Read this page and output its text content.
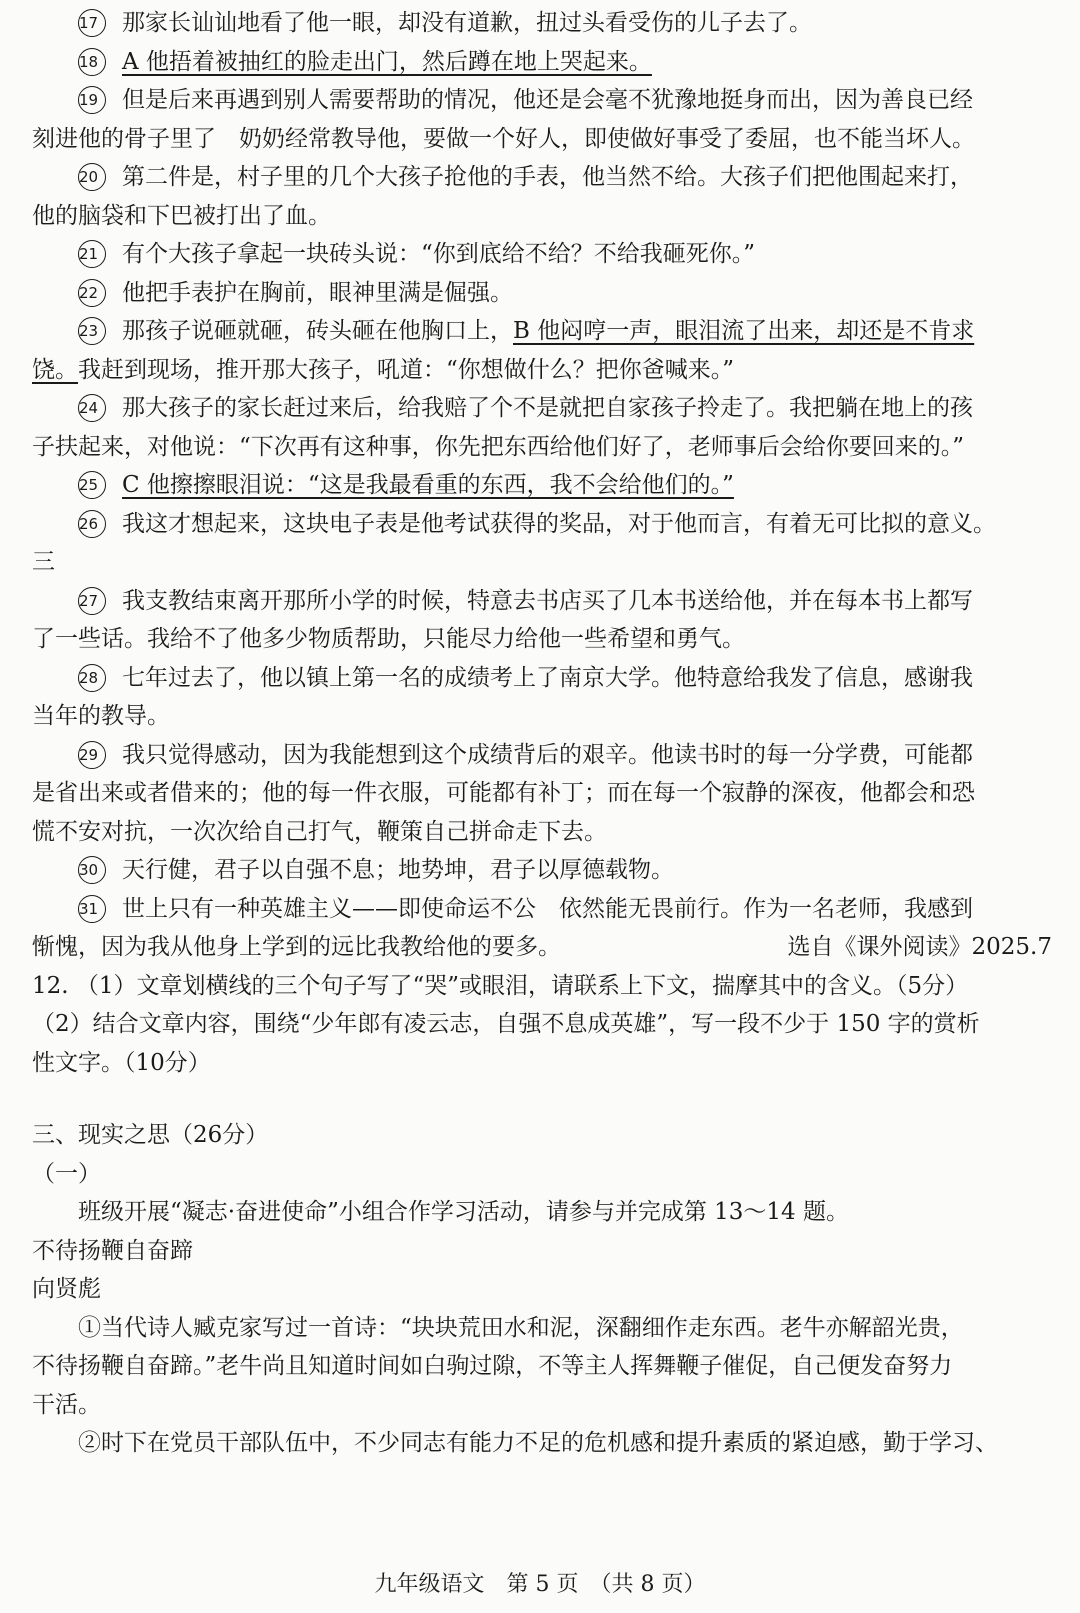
17 那家长讪讪地看了他一眼，却没有道歉，扭过头看受伤的儿子去了。

18 A 他捂着被抽红的脸走出门，然后蹲在地上哭起来。

19 但是后来再遇到别人需要帮助的情况，他还是会毫不犹豫地挺身而出，因为善良已经
刻进他的骨子里了　奶奶经常教导他，要做一个好人，即使做好事受了委屈，也不能当坏人。

20 第二件是，村子里的几个大孩子抢他的手表，他当然不给。大孩子们把他围起来打，
他的脑袋和下巴被打出了血。

21 有个大孩子拿起一块砖头说：“你到底给不给？不给我砸死你。”

22 他把手表护在胸前，眼神里满是倔强。

23 那孩子说砸就砸，砖头砸在他胸口上，B 他闷哼一声，眼泪流了出来，却还是不肯求
饶。我赶到现场，推开那大孩子，吼道：“你想做什么？把你爸喊来。”

24 那大孩子的家长赶过来后，给我赔了个不是就把自家孩子拎走了。我把躺在地上的孩
子扶起来，对他说：“下次再有这种事，你先把东西给他们好了，老师事后会给你要回来的。”

25 C 他擦擦眼泪说：“这是我最看重的东西，我不会给他们的。”

26 我这才想起来，这块电子表是他考试获得的奖品，对于他而言，有着无可比拟的意义。

三

27 我支教结束离开那所小学的时候，特意去书店买了几本书送给他，并在每本书上都写
了一些话。我给不了他多少物质帮助，只能尽力给他一些希望和勇气。

28 七年过去了，他以镇上第一名的成绩考上了南京大学。他特意给我发了信息，感谢我
当年的教导。

29 我只觉得感动，因为我能想到这个成绩背后的艰辛。他读书时的每一分学费，可能都
是省出来或者借来的；他的每一件衣服，可能都有补丁；而在每一个寂静的深夜，他都会和恐
慌不安对抗，一次次给自己打气，鞭策自己拼命走下去。

30 天行健，君子以自强不息；地势坤，君子以厚德载物。

31 世上只有一种英雄主义——即使命运不公　依然能无畏前行。作为一名老师，我感到
惭愧，因为我从他身上学到的远比我教给他的要多。	选自《课外阅读》2025.7

12. （1）文章划横线的三个句子写了“哭”或眼泪，请联系上下文，揣摩其中的含义。（5分）
（2）结合文章内容，围绕“少年郎有凌云志，自强不息成英雄”，写一段不少于 150 字的赏析
性文字。（10分）

三、现实之思（26分）

（一）

班级开展“凝志·奋进使命”小组合作学习活动，请参与并完成第 13～14 题。

不待扬鞭自奋蹄

向贤彪

①当代诗人臧克家写过一首诗：“块块荒田水和泥，深翻细作走东西。老牛亦解韶光贵，
不待扬鞭自奋蹄。”老牛尚且知道时间如白驹过隙，不等主人挥舞鞭子催促，自己便发奋努力
干活。

②时下在党员干部队伍中，不少同志有能力不足的危机感和提升素质的紧迫感，勤于学习、

九年级语文　第 5 页　（共 8 页）
